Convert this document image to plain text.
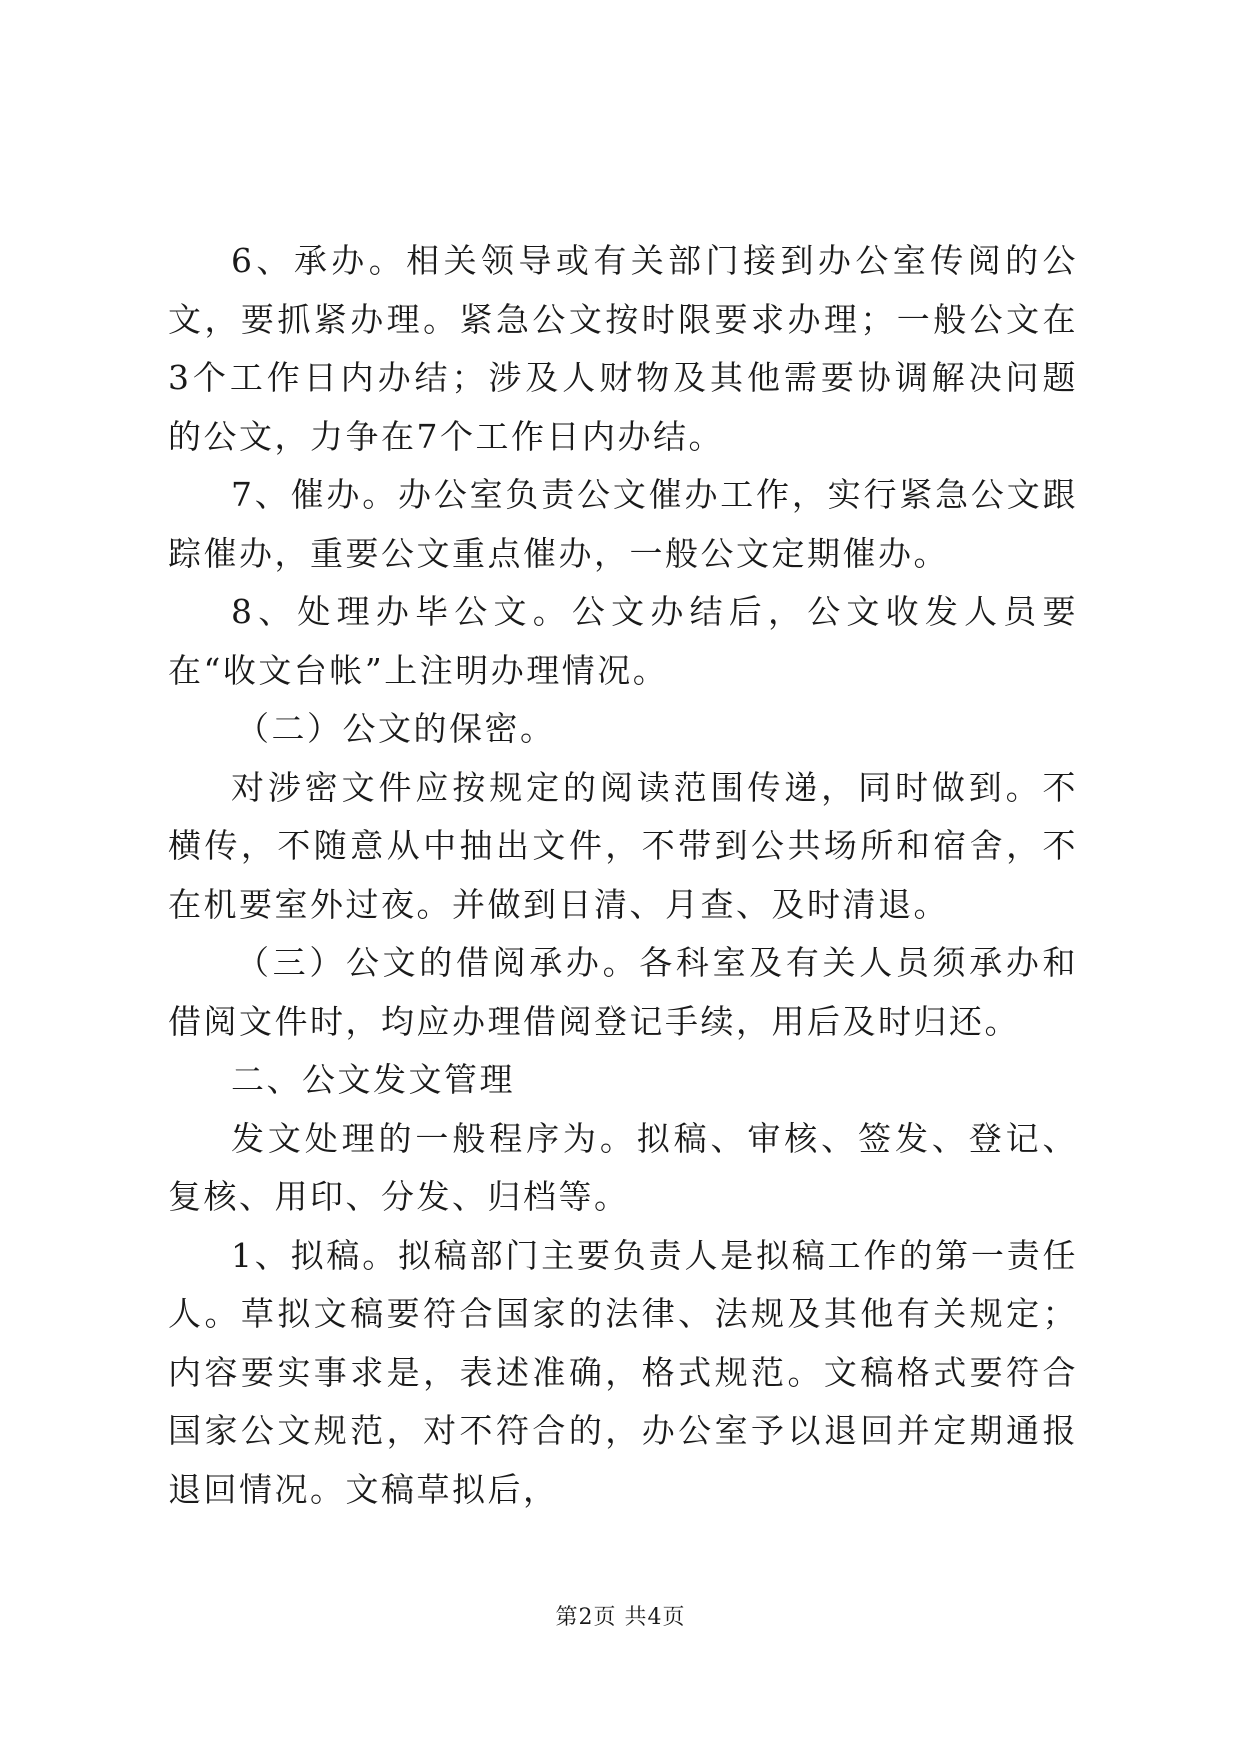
6、承办。相关领导或有关部门接到办公室传阅的公文，要抓紧办理。紧急公文按时限要求办理；一般公文在3个工作日内办结；涉及人财物及其他需要协调解决问题的公文，力争在7个工作日内办结。

7、催办。办公室负责公文催办工作，实行紧急公文跟踪催办，重要公文重点催办，一般公文定期催办。

8、处理办毕公文。公文办结后，公文收发人员要在“收文台帐”上注明办理情况。

（二）公文的保密。

对涉密文件应按规定的阅读范围传递，同时做到。不横传，不随意从中抽出文件，不带到公共场所和宿舍，不在机要室外过夜。并做到日清、月查、及时清退。

（三）公文的借阅承办。各科室及有关人员须承办和借阅文件时，均应办理借阅登记手续，用后及时归还。

二、公文发文管理

发文处理的一般程序为。拟稿、审核、签发、登记、复核、用印、分发、归档等。

1、拟稿。拟稿部门主要负责人是拟稿工作的第一责任人。草拟文稿要符合国家的法律、法规及其他有关规定；内容要实事求是，表述准确，格式规范。文稿格式要符合国家公文规范，对不符合的，办公室予以退回并定期通报退回情况。文稿草拟后，

第2页 共4页
